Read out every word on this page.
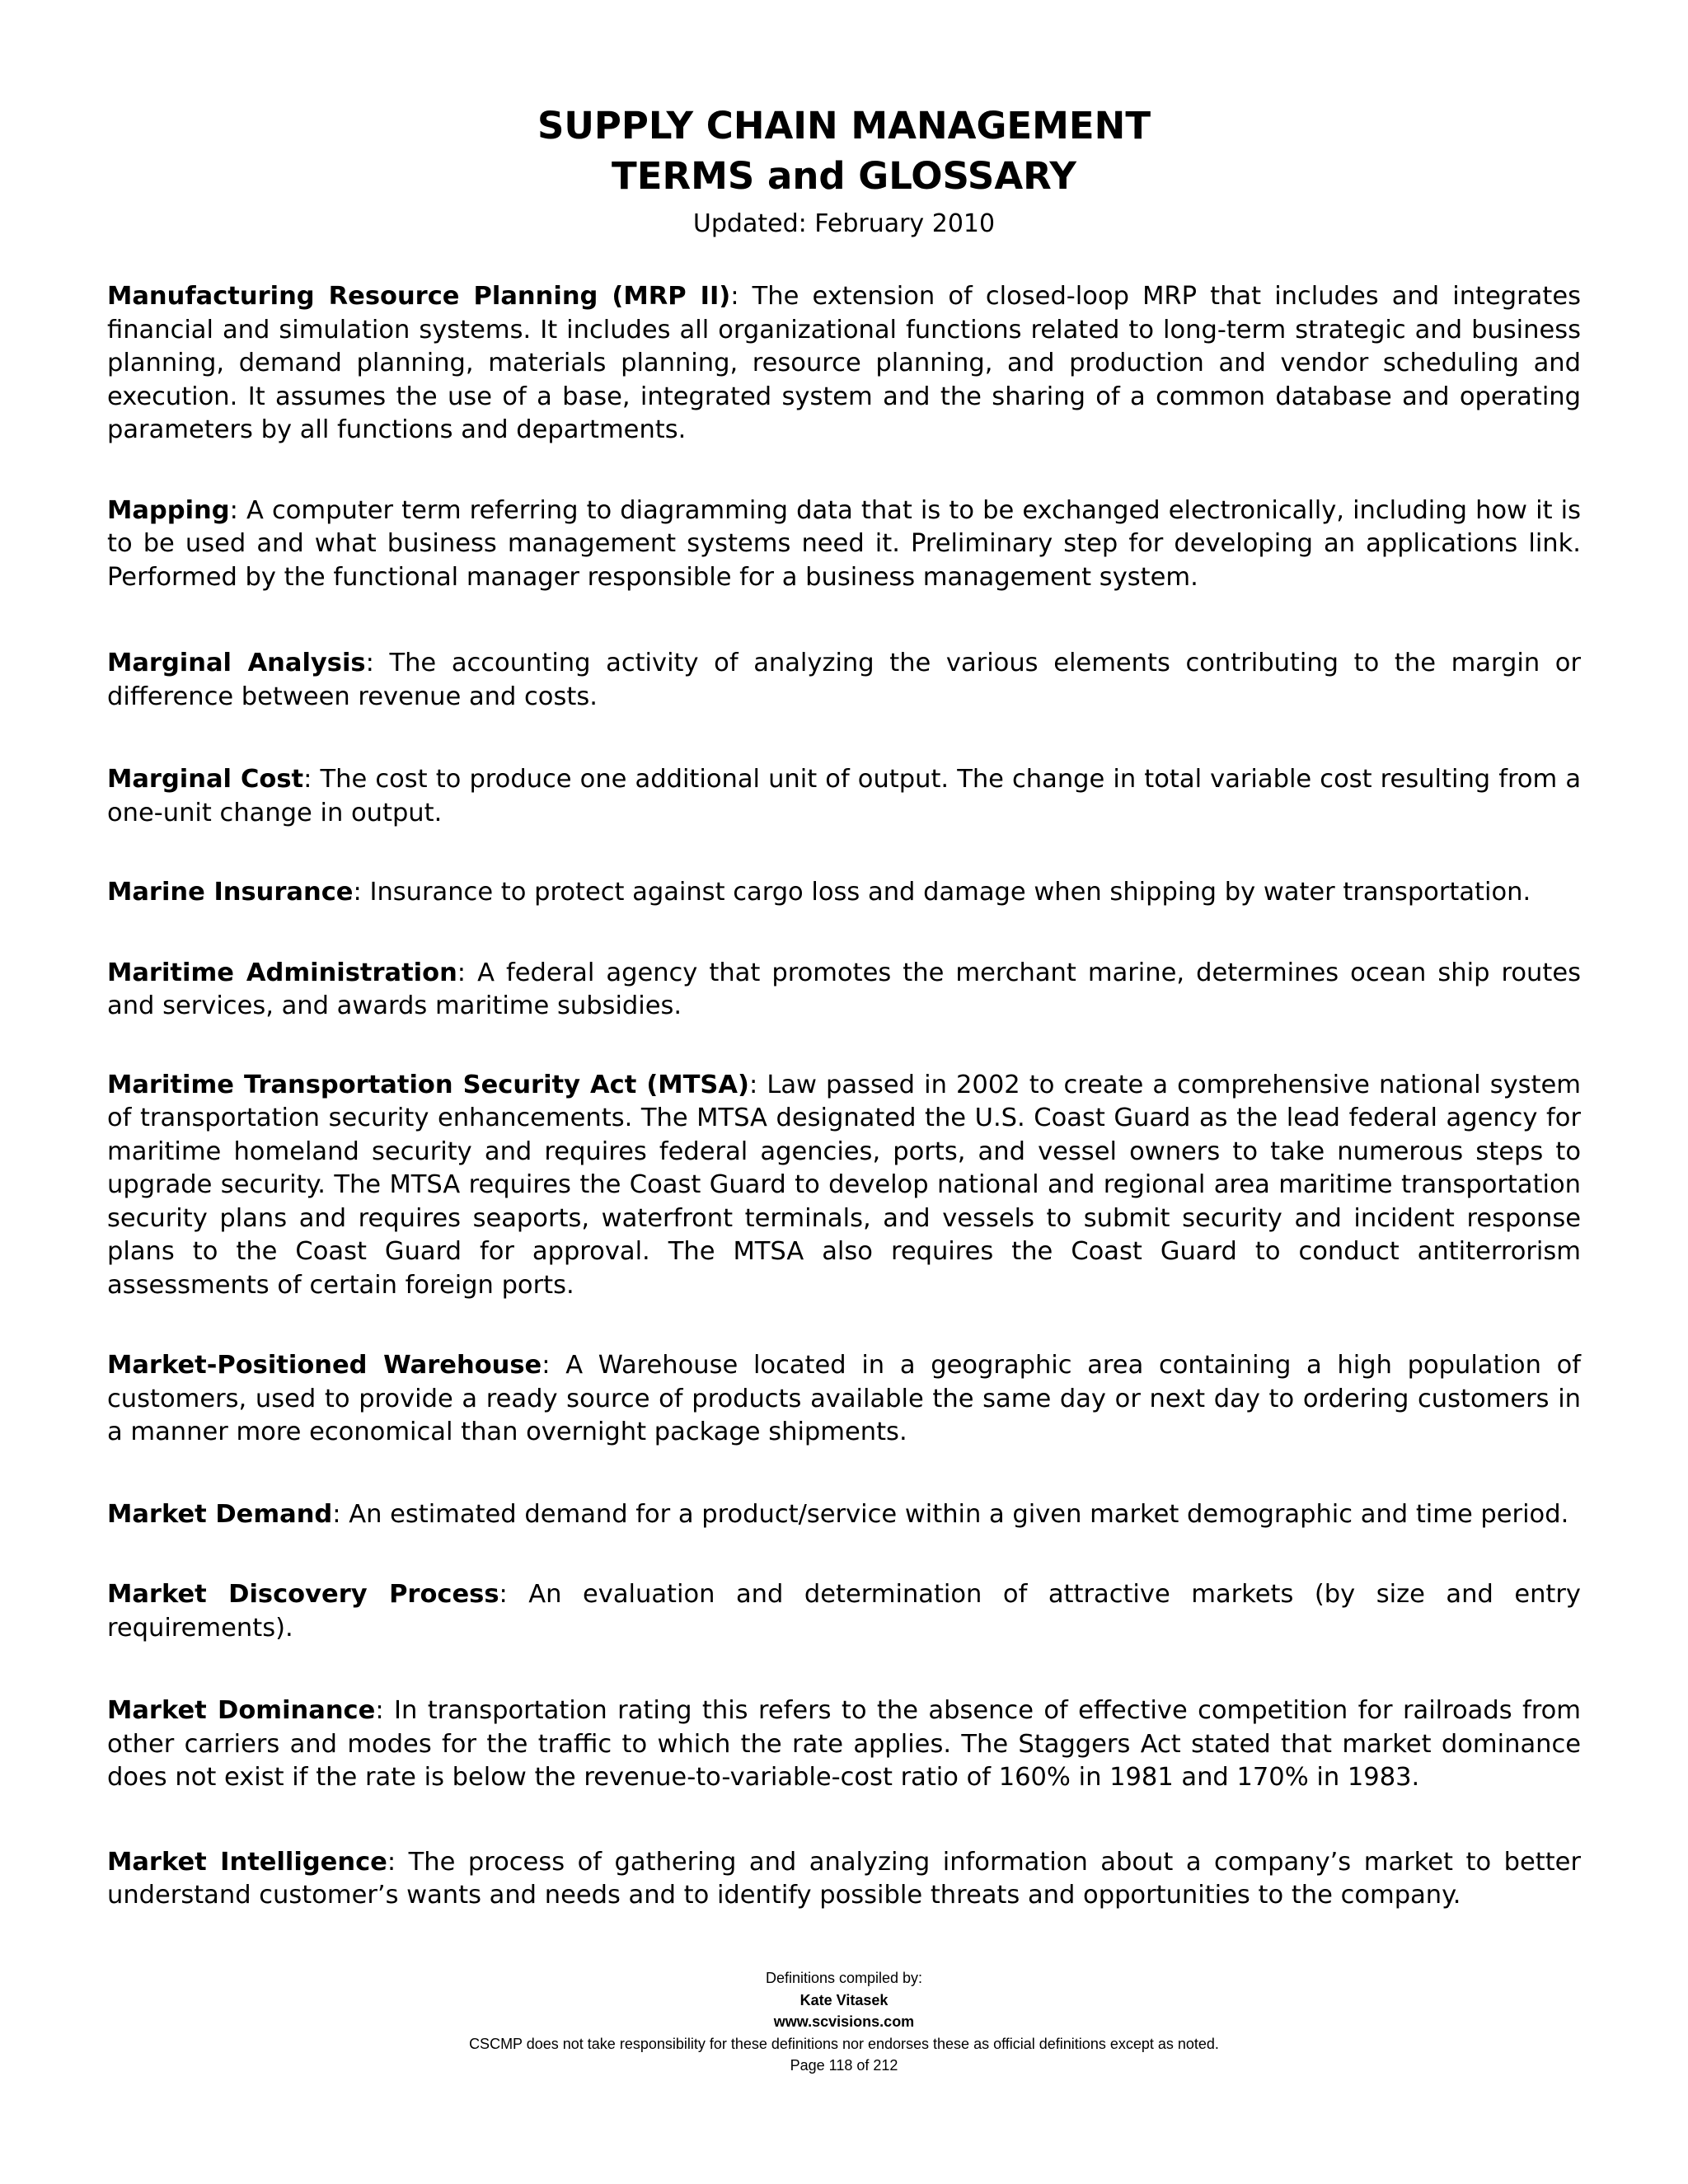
SUPPLY CHAIN MANAGEMENT
TERMS and GLOSSARY
Updated: February 2010

Manufacturing Resource Planning (MRP II): The extension of closed-loop MRP that includes and integrates financial and simulation systems. It includes all organizational functions related to long-term strategic and business planning, demand planning, materials planning, resource planning, and production and vendor scheduling and execution. It assumes the use of a base, integrated system and the sharing of a common database and operating parameters by all functions and departments.

Mapping: A computer term referring to diagramming data that is to be exchanged electronically, including how it is to be used and what business management systems need it. Preliminary step for developing an applications link. Performed by the functional manager responsible for a business management system.

Marginal Analysis: The accounting activity of analyzing the various elements contributing to the margin or difference between revenue and costs.

Marginal Cost: The cost to produce one additional unit of output. The change in total variable cost resulting from a one-unit change in output.

Marine Insurance: Insurance to protect against cargo loss and damage when shipping by water transportation.

Maritime Administration: A federal agency that promotes the merchant marine, determines ocean ship routes and services, and awards maritime subsidies.

Maritime Transportation Security Act (MTSA): Law passed in 2002 to create a comprehensive national system of transportation security enhancements. The MTSA designated the U.S. Coast Guard as the lead federal agency for maritime homeland security and requires federal agencies, ports, and vessel owners to take numerous steps to upgrade security. The MTSA requires the Coast Guard to develop national and regional area maritime transportation security plans and requires seaports, waterfront terminals, and vessels to submit security and incident response plans to the Coast Guard for approval. The MTSA also requires the Coast Guard to conduct antiterrorism assessments of certain foreign ports.

Market-Positioned Warehouse: A Warehouse located in a geographic area containing a high population of customers, used to provide a ready source of products available the same day or next day to ordering customers in a manner more economical than overnight package shipments.

Market Demand: An estimated demand for a product/service within a given market demographic and time period.

Market Discovery Process: An evaluation and determination of attractive markets (by size and entry requirements).

Market Dominance: In transportation rating this refers to the absence of effective competition for railroads from other carriers and modes for the traffic to which the rate applies. The Staggers Act stated that market dominance does not exist if the rate is below the revenue-to-variable-cost ratio of 160% in 1981 and 170% in 1983.

Market Intelligence: The process of gathering and analyzing information about a company’s market to better understand customer’s wants and needs and to identify possible threats and opportunities to the company.

Definitions compiled by:
Kate Vitasek
www.scvisions.com
CSCMP does not take responsibility for these definitions nor endorses these as official definitions except as noted.
Page 118 of 212
